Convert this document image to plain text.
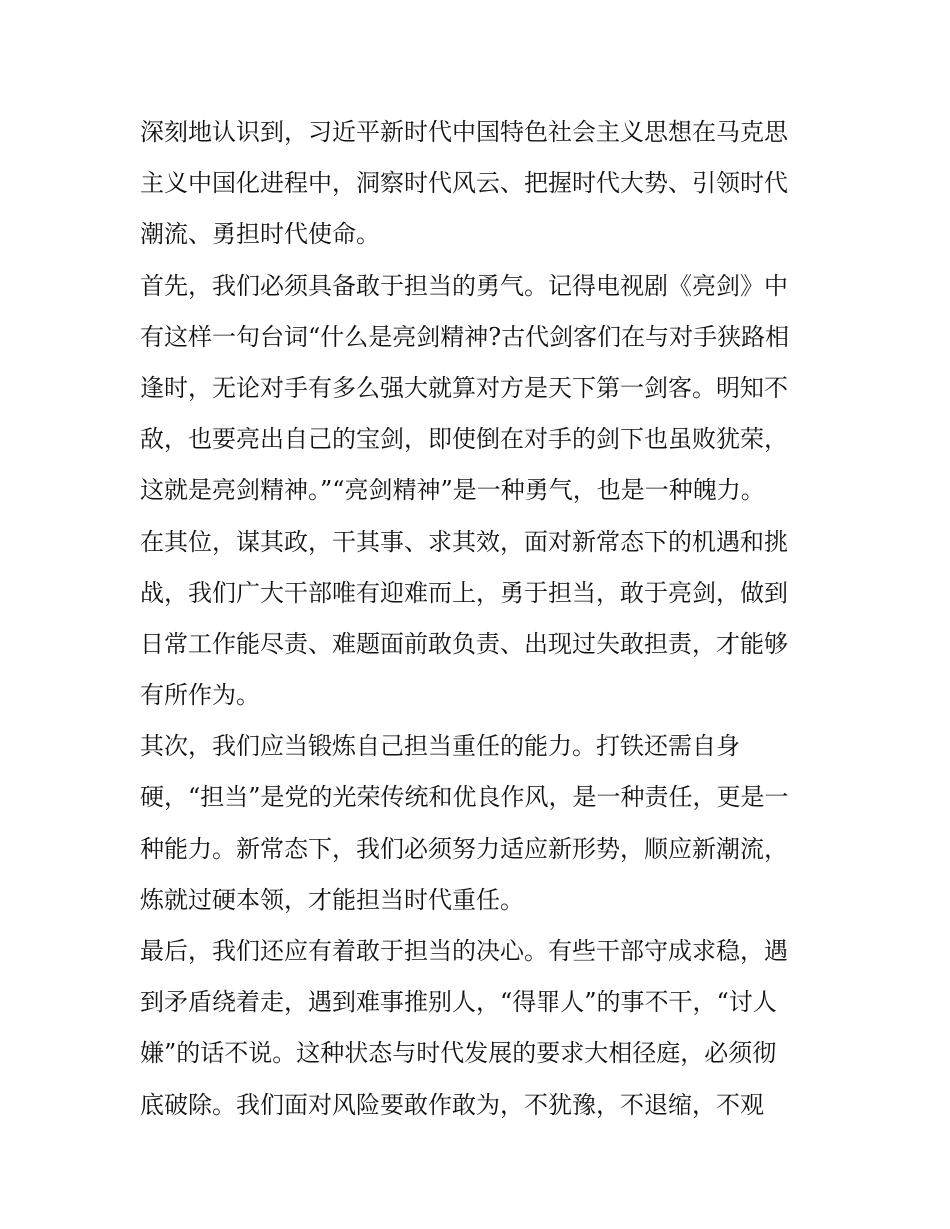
深刻地认识到，习近平新时代中国特色社会主义思想在马克思
主义中国化进程中，洞察时代风云、把握时代大势、引领时代
潮流、勇担时代使命。
首先，我们必须具备敢于担当的勇气。记得电视剧《亮剑》中
有这样一句台词“什么是亮剑精神?古代剑客们在与对手狭路相
逢时，无论对手有多么强大就算对方是天下第一剑客。明知不
敌，也要亮出自己的宝剑，即使倒在对手的剑下也虽败犹荣，
这就是亮剑精神。”“亮剑精神”是一种勇气，也是一种魄力。
在其位，谋其政，干其事、求其效，面对新常态下的机遇和挑
战，我们广大干部唯有迎难而上，勇于担当，敢于亮剑，做到
日常工作能尽责、难题面前敢负责、出现过失敢担责，才能够
有所作为。
其次，我们应当锻炼自己担当重任的能力。打铁还需自身
硬，“担当”是党的光荣传统和优良作风，是一种责任，更是一
种能力。新常态下，我们必须努力适应新形势，顺应新潮流，
炼就过硬本领，才能担当时代重任。
最后，我们还应有着敢于担当的决心。有些干部守成求稳，遇
到矛盾绕着走，遇到难事推别人，“得罪人”的事不干，“讨人
嫌”的话不说。这种状态与时代发展的要求大相径庭，必须彻
底破除。我们面对风险要敢作敢为，不犹豫，不退缩，不观
